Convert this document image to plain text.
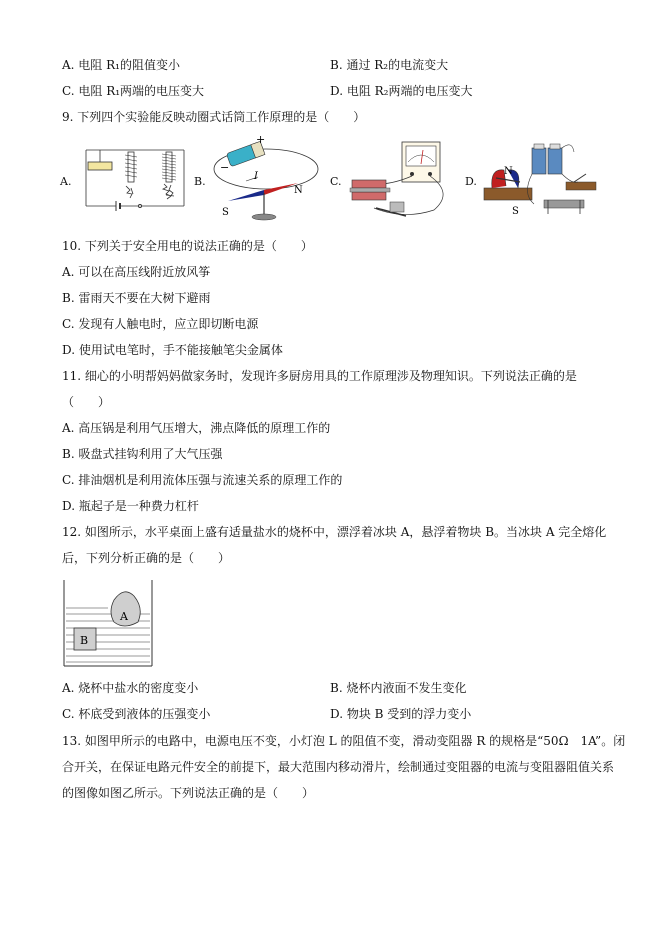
A. 电阻 R₁的阻值变小	B. 通过 R₂的电流变大
C. 电阻 R₁两端的电压变大	D. 电阻 R₂两端的电压变大
9. 下列四个实验能反映动圈式话筒工作原理的是（　　）
A.	B.
+
−
I
N
S
C.	D.
N
S
10. 下列关于安全用电的说法正确的是（　　）
A. 可以在高压线附近放风筝
B. 雷雨天不要在大树下避雨
C. 发现有人触电时，应立即切断电源
D. 使用试电笔时，手不能接触笔尖金属体
11. 细心的小明帮妈妈做家务时，发现许多厨房用具的工作原理涉及物理知识。下列说法正确的是
（　　）
A. 高压锅是利用气压增大，沸点降低的原理工作的
B. 吸盘式挂钩利用了大气压强
C. 排油烟机是利用流体压强与流速关系的原理工作的
D. 瓶起子是一种费力杠杆
12. 如图所示，水平桌面上盛有适量盐水的烧杯中，漂浮着冰块 A，悬浮着物块 B。当冰块 A 完全熔化
后，下列分析正确的是（　　）
A
B
A. 烧杯中盐水的密度变小	B. 烧杯内液面不发生变化
C. 杯底受到液体的压强变小	D. 物块 B 受到的浮力变小
13. 如图甲所示的电路中，电源电压不变，小灯泡 L 的阻值不变，滑动变阻器 R 的规格是“50Ω　1A”。闭
合开关，在保证电路元件安全的前提下，最大范围内移动滑片，绘制通过变阻器的电流与变阻器阻值关系
的图像如图乙所示。下列说法正确的是（　　）
